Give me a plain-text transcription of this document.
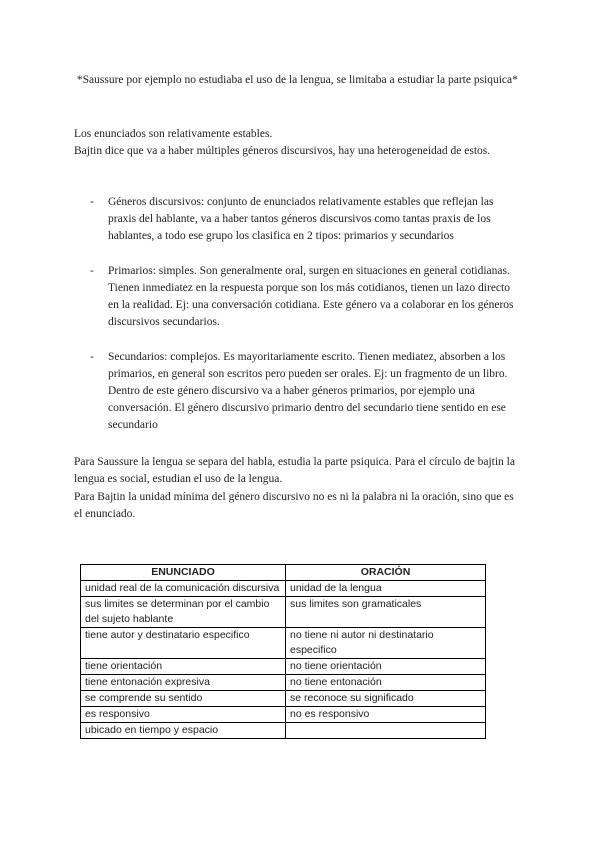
*Saussure por ejemplo no estudiaba el uso de la lengua, se limitaba a estudiar la parte psiquica*

Los enunciados son relativamente estables.

Bajtin dice que va a haber múltiples géneros discursivos, hay una heterogeneidad de estos.

- Géneros discursivos: conjunto de enunciados relativamente estables que reflejan las praxis del hablante, va a haber tantos géneros discursivos como tantas praxis de los hablantes, a todo ese grupo los clasifica en 2 tipos: primarios y secundarios
- Primarios: simples. Son generalmente oral, surgen en situaciones en general cotidianas. Tienen inmediatez en la respuesta porque son los más cotidianos, tienen un lazo directo en la realidad. Ej: una conversación cotidiana. Este género va a colaborar en los géneros discursivos secundarios.
- Secundarios: complejos. Es mayoritariamente escrito. Tienen mediatez, absorben a los primarios, en general son escritos pero pueden ser orales. Ej: un fragmento de un libro. Dentro de este género discursivo va a haber géneros primarios, por ejemplo una conversación. El género discursivo primario dentro del secundario tiene sentido en ese secundario

Para Saussure la lengua se separa del habla, estudia la parte psiquica. Para el círculo de bajtin la lengua es social, estudian el uso de la lengua.

Para Bajtin la unidad mínima del género discursivo no es ni la palabra ni la oración, sino que es el enunciado.

ENUNCIADO	ORACIÓN
unidad real de la comunicación discursiva	unidad de la lengua
sus limites se determinan por el cambio del sujeto hablante	sus limites son gramaticales
tiene autor y destinatario especifico	no tiene ni autor ni destinatario especifico
tiene orientación	no tiene orientación
tiene entonación expresiva	no tiene entonación
se comprende su sentido	se reconoce su significado
es responsivo	no es responsivo
ubicado en tiempo y espacio	
